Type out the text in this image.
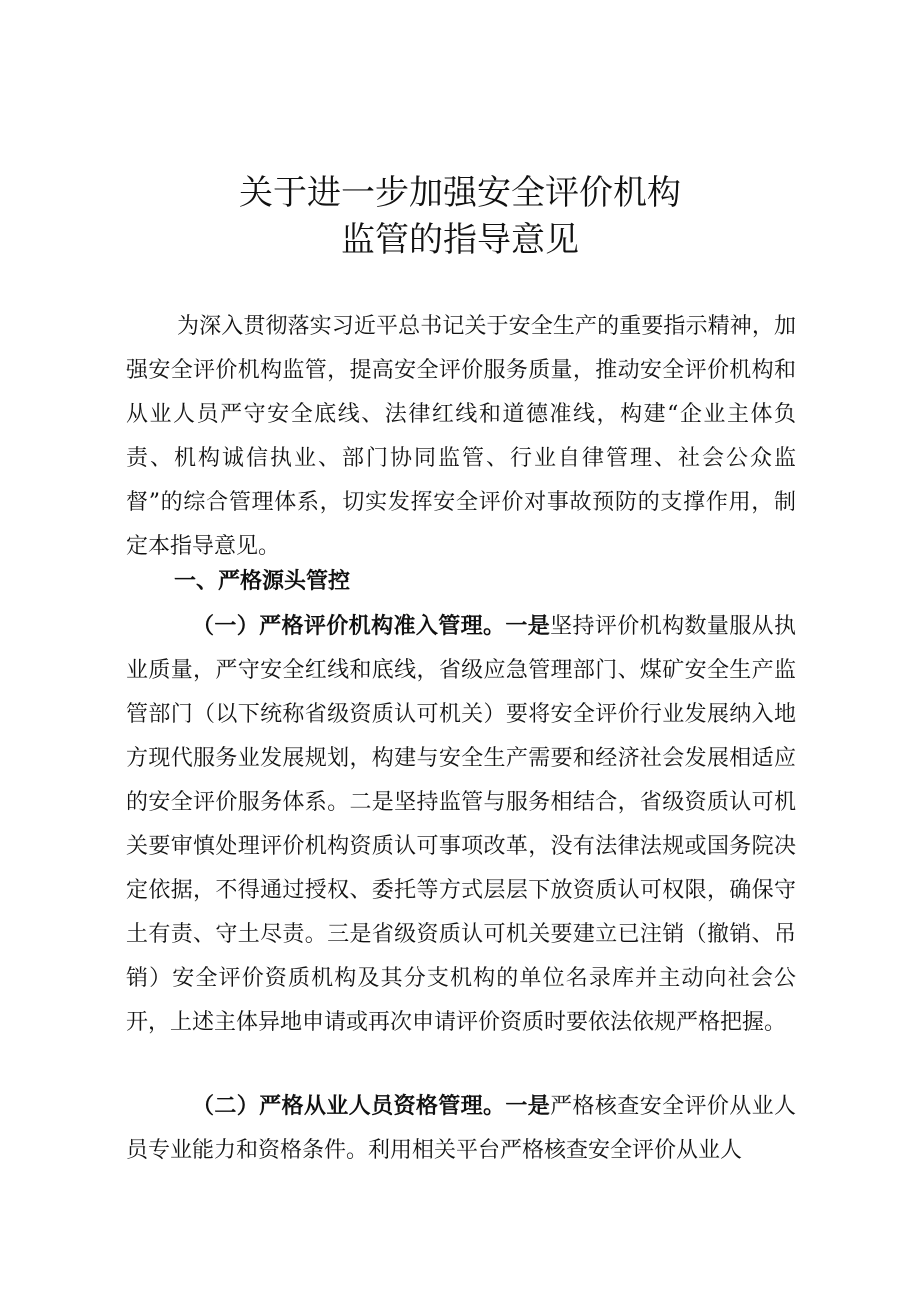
关于进一步加强安全评价机构
监管的指导意见

为深入贯彻落实习近平总书记关于安全生产的重要指示精神，加强安全评价机构监管，提高安全评价服务质量，推动安全评价机构和从业人员严守安全底线、法律红线和道德准线，构建“企业主体负责、机构诚信执业、部门协同监管、行业自律管理、社会公众监督”的综合管理体系，切实发挥安全评价对事故预防的支撑作用，制定本指导意见。

一、严格源头管控

（一）严格评价机构准入管理。一是坚持评价机构数量服从执业质量，严守安全红线和底线，省级应急管理部门、煤矿安全生产监管部门（以下统称省级资质认可机关）要将安全评价行业发展纳入地方现代服务业发展规划，构建与安全生产需要和经济社会发展相适应的安全评价服务体系。二是坚持监管与服务相结合，省级资质认可机关要审慎处理评价机构资质认可事项改革，没有法律法规或国务院决定依据，不得通过授权、委托等方式层层下放资质认可权限，确保守土有责、守土尽责。三是省级资质认可机关要建立已注销（撤销、吊销）安全评价资质机构及其分支机构的单位名录库并主动向社会公开，上述主体异地申请或再次申请评价资质时要依法依规严格把握。

（二）严格从业人员资格管理。一是严格核查安全评价从业人员专业能力和资格条件。利用相关平台严格核查安全评价从业人
